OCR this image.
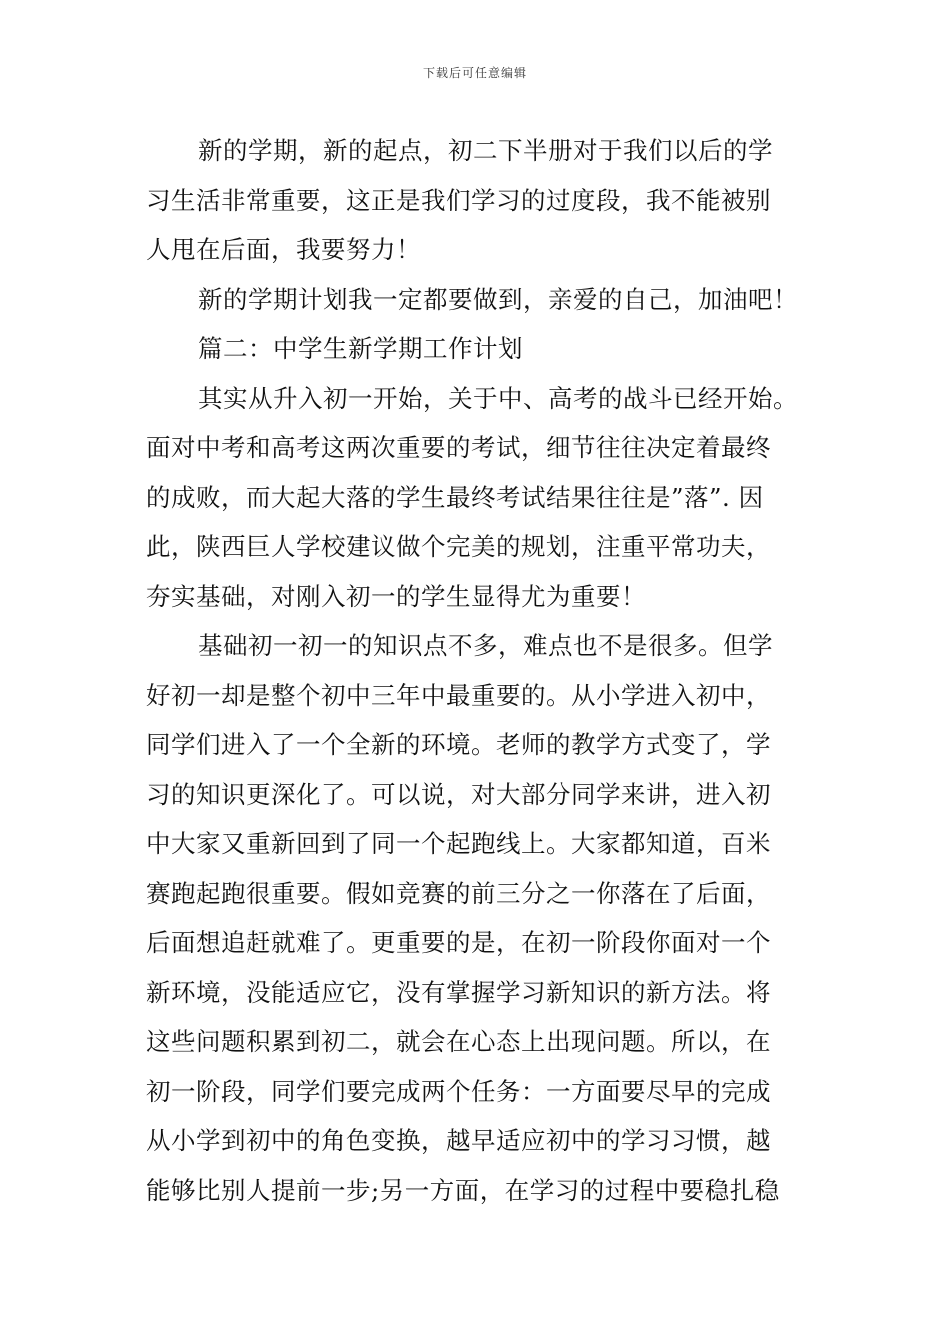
下载后可任意编辑
新的学期，新的起点，初二下半册对于我们以后的学
习生活非常重要，这正是我们学习的过度段，我不能被别
人甩在后面，我要努力！
新的学期计划我一定都要做到，亲爱的自己，加油吧！
篇二：中学生新学期工作计划
其实从升入初一开始，关于中、高考的战斗已经开始。
面对中考和高考这两次重要的考试，细节往往决定着最终
的成败，而大起大落的学生最终考试结果往往是”落”. 因
此，陕西巨人学校建议做个完美的规划，注重平常功夫，
夯实基础，对刚入初一的学生显得尤为重要！
基础初一初一的知识点不多，难点也不是很多。但学
好初一却是整个初中三年中最重要的。从小学进入初中，
同学们进入了一个全新的环境。老师的教学方式变了，学
习的知识更深化了。可以说，对大部分同学来讲，进入初
中大家又重新回到了同一个起跑线上。大家都知道，百米
赛跑起跑很重要。假如竞赛的前三分之一你落在了后面，
后面想追赶就难了。更重要的是，在初一阶段你面对一个
新环境，没能适应它，没有掌握学习新知识的新方法。将
这些问题积累到初二，就会在心态上出现问题。所以，在
初一阶段，同学们要完成两个任务：一方面要尽早的完成
从小学到初中的角色变换，越早适应初中的学习习惯，越
能够比别人提前一步;另一方面，在学习的过程中要稳扎稳
